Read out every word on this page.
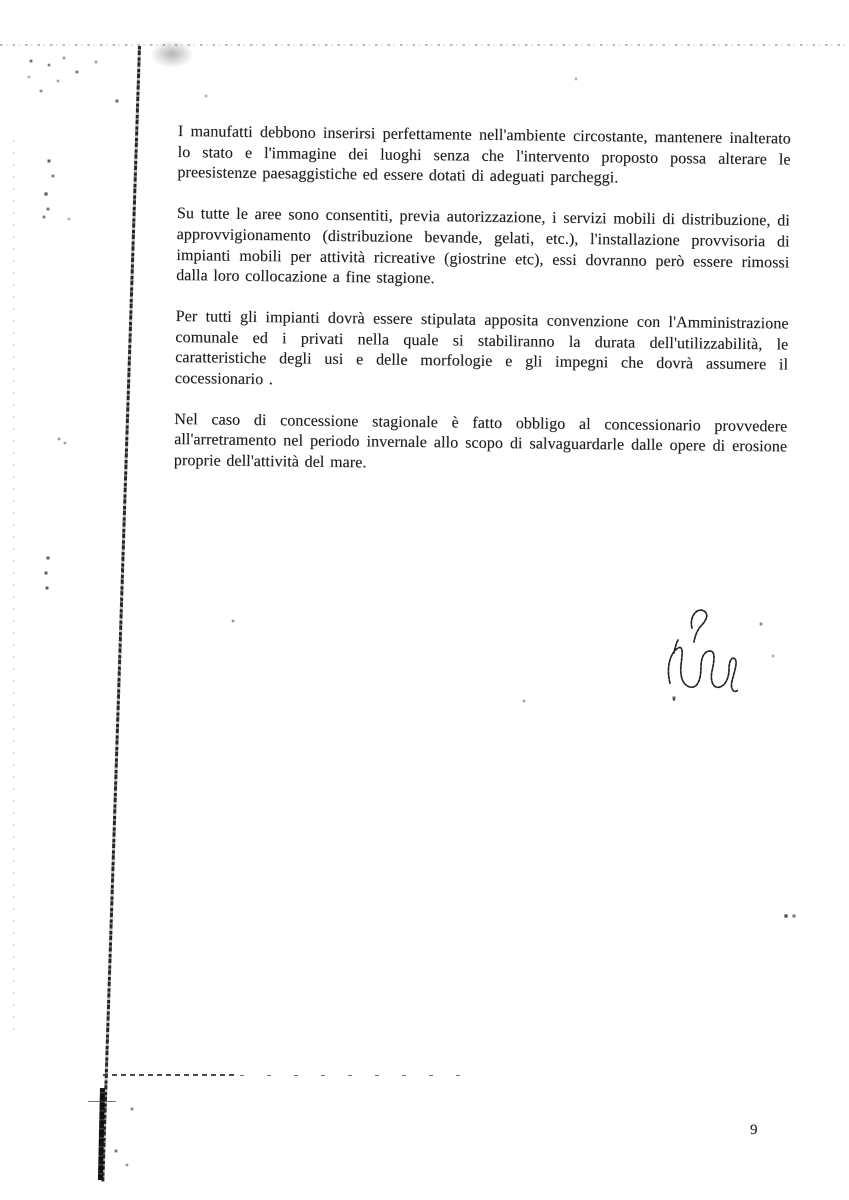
I manufatti debbono inserirsi perfettamente nell'ambiente circostante, mantenere inalterato lo stato e l'immagine dei luoghi senza che l'intervento proposto possa alterare le preesistenze paesaggistiche ed essere dotati di adeguati parcheggi.

Su tutte le aree sono consentiti, previa autorizzazione, i servizi mobili di distribuzione, di approvvigionamento (distribuzione bevande, gelati, etc.), l'installazione provvisoria di impianti mobili per attività ricreative (giostrine etc), essi dovranno però essere rimossi dalla loro collocazione a fine stagione.

Per tutti gli impianti dovrà essere stipulata apposita convenzione con l'Amministrazione comunale ed i privati nella quale si stabiliranno la durata dell'utilizzabilità, le caratteristiche degli usi e delle morfologie e gli impegni che dovrà assumere il cocessionario .

Nel caso di concessione stagionale è fatto obbligo al concessionario provvedere all'arretramento nel periodo invernale allo scopo di salvaguardarle dalle opere di erosione proprie dell'attività del mare.

9
